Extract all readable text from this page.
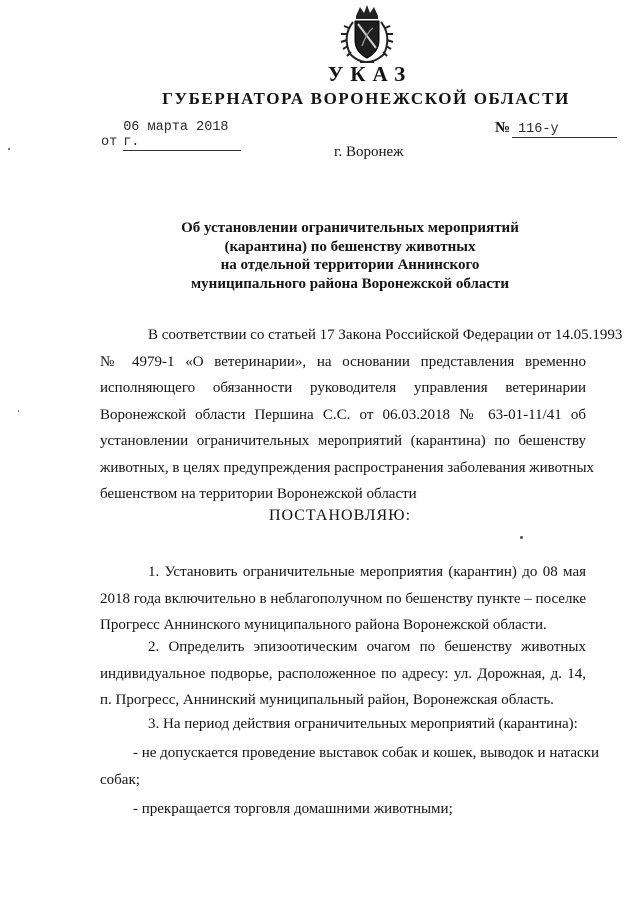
УКАЗ
ГУБЕРНАТОРА ВОРОНЕЖСКОЙ ОБЛАСТИ
от06 марта 2018 г.
№ 116-у
г. Воронеж
Об установлении ограничительных мероприятий
(карантина) по бешенству животных
на отдельной территории Аннинского
муниципального района Воронежской области
В соответствии со статьей 17 Закона Российской Федерации от 14.05.1993
№ 4979-1 «О ветеринарии», на основании представления временно
исполняющего обязанности руководителя управления ветеринарии
Воронежской области Першина С.С. от 06.03.2018 № 63-01-11/41 об
установлении ограничительных мероприятий (карантина) по бешенству
животных, в целях предупреждения распространения заболевания животных
бешенством на территории Воронежской области
ПОСТАНОВЛЯЮ:
1. Установить ограничительные мероприятия (карантин) до 08 мая
2018 года включительно в неблагополучном по бешенству пункте – поселке
Прогресс Аннинского муниципального района Воронежской области.
2. Определить эпизоотическим очагом по бешенству животных
индивидуальное подворье, расположенное по адресу: ул. Дорожная, д. 14,
п. Прогресс, Аннинский муниципальный район, Воронежская область.
3. На период действия ограничительных мероприятий (карантина):
- не допускается проведение выставок собак и кошек, выводок и натаски
собак;
- прекращается торговля домашними животными;
